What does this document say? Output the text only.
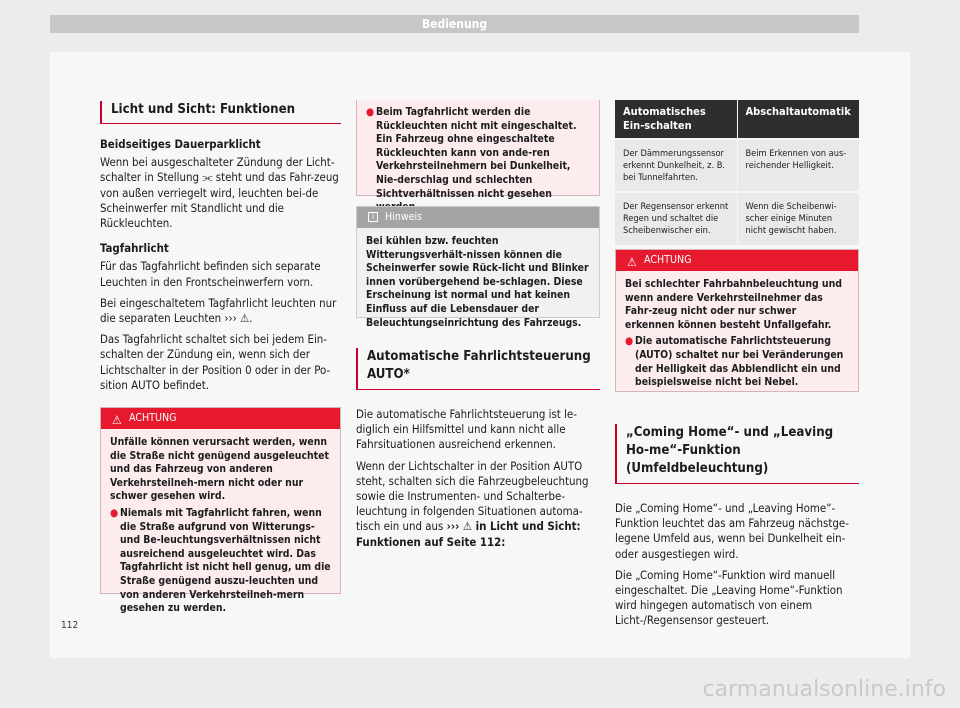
Bedienung
Licht und Sicht: Funktionen

Beidseitiges Dauerparklicht

Wenn bei ausgeschalteter Zündung der Licht-schalter in Stellung ⫘ steht und das Fahr-zeug von außen verriegelt wird, leuchten bei-de Scheinwerfer mit Standlicht und die Rückleuchten.

Tagfahrlicht

Für das Tagfahrlicht befinden sich separate Leuchten in den Frontscheinwerfern vorn.

Bei eingeschaltetem Tagfahrlicht leuchten nur die separaten Leuchten ››› ⚠.

Das Tagfahrlicht schaltet sich bei jedem Ein-schalten der Zündung ein, wenn sich der Lichtschalter in der Position 0 oder in der Po-sition AUTO befindet.

⚠ ACHTUNG
Unfälle können verursacht werden, wenn die Straße nicht genügend ausgeleuchtet und das Fahrzeug von anderen Verkehrsteilneh-mern nicht oder nur schwer gesehen wird.
● Niemals mit Tagfahrlicht fahren, wenn die Straße aufgrund von Witterungs- und Be-leuchtungsverhältnissen nicht ausreichend ausgeleuchtet wird. Das Tagfahrlicht ist nicht hell genug, um die Straße genügend auszu-leuchten und von anderen Verkehrsteilneh-mern gesehen zu werden.
● Beim Tagfahrlicht werden die Rückleuchten nicht mit eingeschaltet. Ein Fahrzeug ohne eingeschaltete Rückleuchten kann von ande-ren Verkehrsteilnehmern bei Dunkelheit, Nie-derschlag und schlechten Sichtverhältnissen nicht gesehen
i	Hinweis
Bei kühlen bzw. feuchten Witterungsverhält-nissen können die Scheinwerfer sowie Rück-licht und Blinker innen vorübergehend be-schlagen. Diese Erscheinung ist normal und hat keinen Einfluss auf die Lebensdauer der Beleuchtungseinrichtung des Fahrzeugs.
Automatische Fahrlichtsteuerung
AUTO*

Die automatische Fahrlichtsteuerung ist le-diglich ein Hilfsmittel und kann nicht alle Fahrsituationen ausreichend erkennen.

Wenn der Lichtschalter in der Position AUTO steht, schalten sich die Fahrzeugbeleuchtung sowie die Instrumenten- und Schalterbe-leuchtung in folgenden Situationen automa-tisch ein und aus ››› ⚠ in Licht und Sicht: Funktionen auf Seite 112:

Automatisches Ein-schalten	Abschaltautomatik
Der Dämmerungssensor erkennt Dunkelheit, z. B. bei Tunnelfahrten.	Beim Erkennen von aus-reichender Helligkeit.
Der Regensensor erkennt Regen und schaltet die Scheibenwischer ein.	Wenn die Scheibenwi-scher einige Minuten nicht gewischt haben.
⚠ ACHTUNG
Bei schlechter Fahrbahnbeleuchtung und wenn andere Verkehrsteilnehmer das Fahr-zeug nicht oder nur schwer erkennen können besteht Unfallgefahr.
● Die automatische Fahrlichtsteuerung (AUTO) schaltet nur bei Veränderungen der Helligkeit das Abblendlicht ein und beispielsweise nicht bei Nebel.
„Coming Home“- und „Leaving Ho-me“-Funktion (Umfeldbeleuchtung)

Die „Coming Home“- und „Leaving Home“-Funktion leuchtet das am Fahrzeug nächstge-legene Umfeld aus, wenn bei Dunkelheit ein-oder ausgestiegen wird.

Die „Coming Home“-Funktion wird manuell eingeschaltet. Die „Leaving Home“-Funktion wird hingegen automatisch von einem Licht-/Regensensor gesteuert.

112
carmanualsonline.info
